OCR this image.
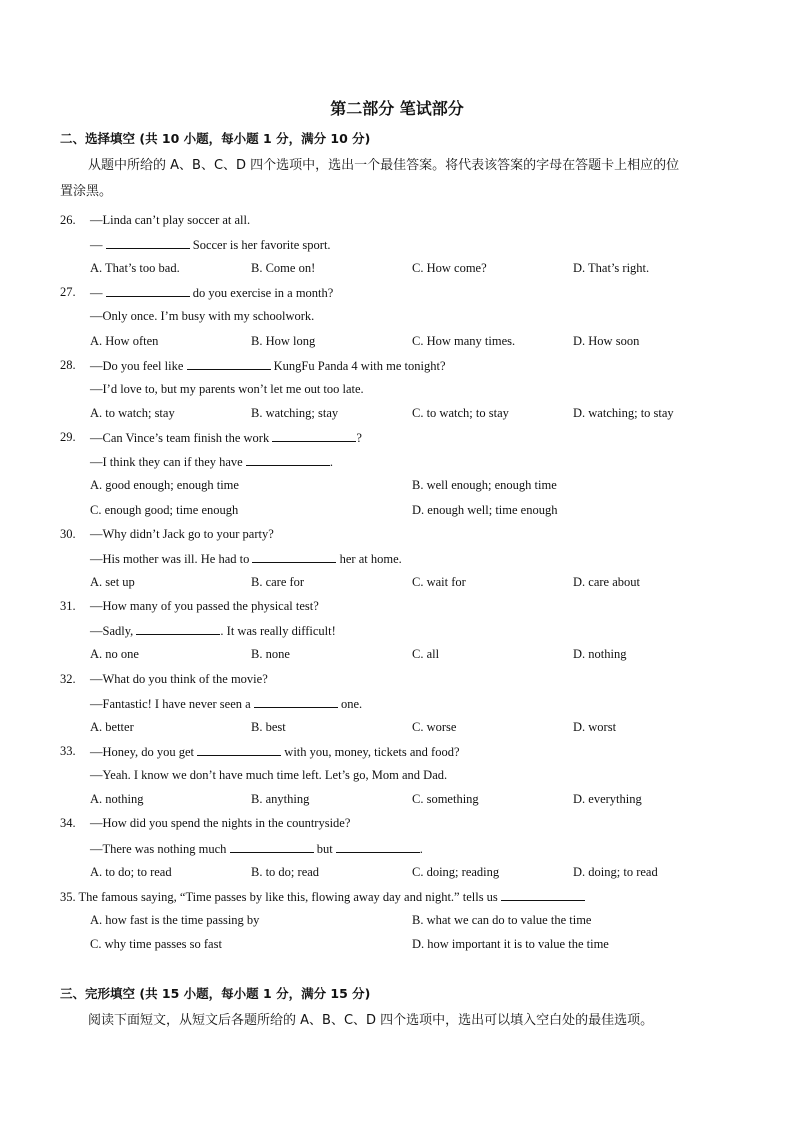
第二部分 笔试部分
二、选择填空 (共 10 小题，每小题 1 分，满分 10 分)
从题中所给的 A、B、C、D 四个选项中，选出一个最佳答案。将代表该答案的字母在答题卡上相应的位
置涂黑。
26. —Linda can’t play soccer at all.
—	Soccer is her favorite sport.
A. That’s too bad.	B. Come on!	C. How come?	D. That’s right.
27. —	do you exercise in a month?
—Only once. I’m busy with my schoolwork.
A. How often	B. How long	C. How many times.	D. How soon
28. —Do you feel like	KungFu Panda 4 with me tonight?
—I’d love to, but my parents won’t let me out too late.
A. to watch; stay	B. watching; stay	C. to watch; to stay	D. watching; to stay
29. —Can Vince’s team finish the work	?
—I think they can if they have	.
A. good enough; enough time	B. well enough; enough time
C. enough good; time enough	D. enough well; time enough
30. —Why didn’t Jack go to your party?
—His mother was ill. He had to	her at home.
A. set up	B. care for	C. wait for	D. care about
31. —How many of you passed the physical test?
—Sadly,	. It was really difficult!
A. no one	B. none	C. all	D. nothing
32. —What do you think of the movie?
—Fantastic! I have never seen a	one.
A. better	B. best	C. worse	D. worst
33. —Honey, do you get	with you, money, tickets and food?
—Yeah. I know we don’t have much time left. Let’s go, Mom and Dad.
A. nothing	B. anything	C. something	D. everything
34. —How did you spend the nights in the countryside?
—There was nothing much	but	.
A. to do; to read	B. to do; read	C. doing; reading	D. doing; to read
35. The famous saying, “Time passes by like this, flowing away day and night.” tells us
A. how fast is the time passing by	B. what we can do to value the time
C. why time passes so fast	D. how important it is to value the time
三、完形填空 (共 15 小题，每小题 1 分，满分 15 分)
阅读下面短文，从短文后各题所给的 A、B、C、D 四个选项中，选出可以填入空白处的最佳选项。
